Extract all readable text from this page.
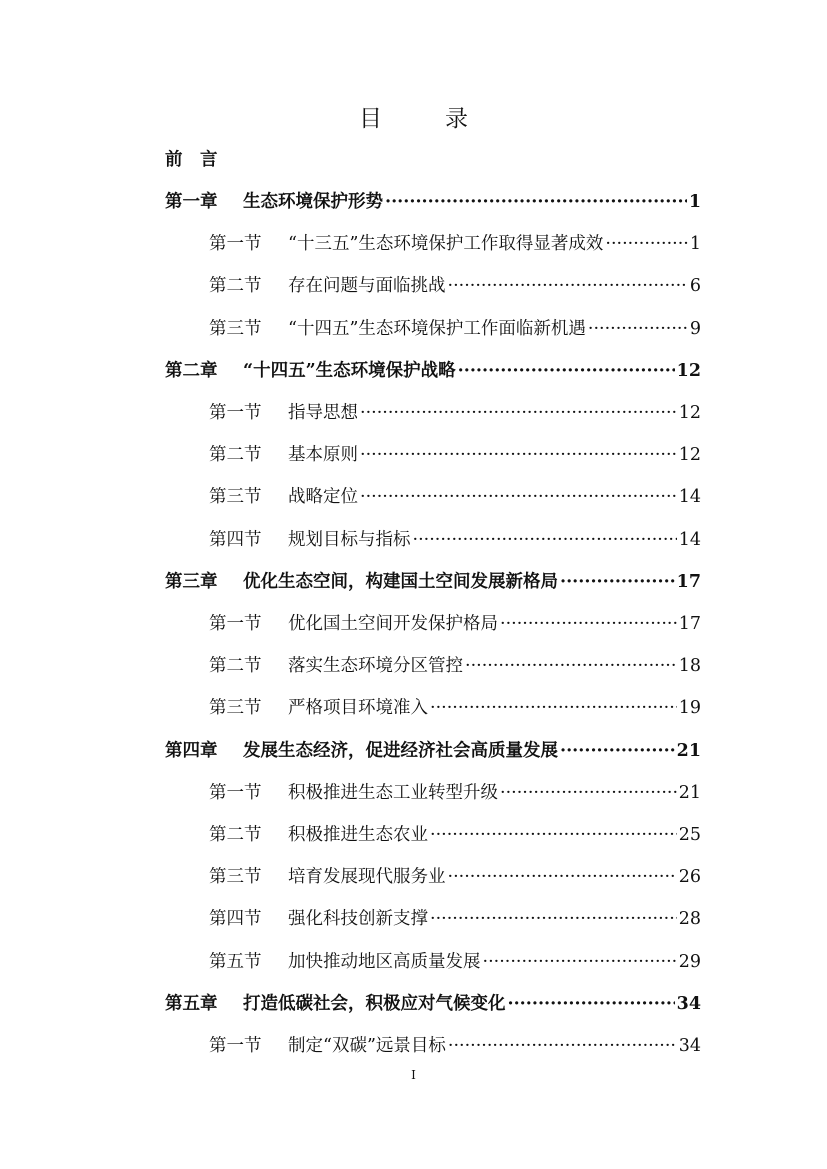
目　录
前　言
第一章	生态环境保护形势 ·····	1
第一节	“十三五”生态环境保护工作取得显著成效 ·····	1
第二节	存在问题与面临挑战 ·····	6
第三节	“十四五”生态环境保护工作面临新机遇 ·····	9
第二章	“十四五”生态环境保护战略 ·····	12
第一节	指导思想 ·····	12
第二节	基本原则 ·····	12
第三节	战略定位 ·····	14
第四节	规划目标与指标 ·····	14
第三章	优化生态空间，构建国土空间发展新格局 ·····	17
第一节	优化国土空间开发保护格局 ·····	17
第二节	落实生态环境分区管控 ·····	18
第三节	严格项目环境准入 ·····	19
第四章	发展生态经济，促进经济社会高质量发展 ·····	21
第一节	积极推进生态工业转型升级 ·····	21
第二节	积极推进生态农业 ·····	25
第三节	培育发展现代服务业 ·····	26
第四节	强化科技创新支撑 ·····	28
第五节	加快推动地区高质量发展 ·····	29
第五章	打造低碳社会，积极应对气候变化 ·····	34
第一节	制定“双碳”远景目标 ·····	34
I
